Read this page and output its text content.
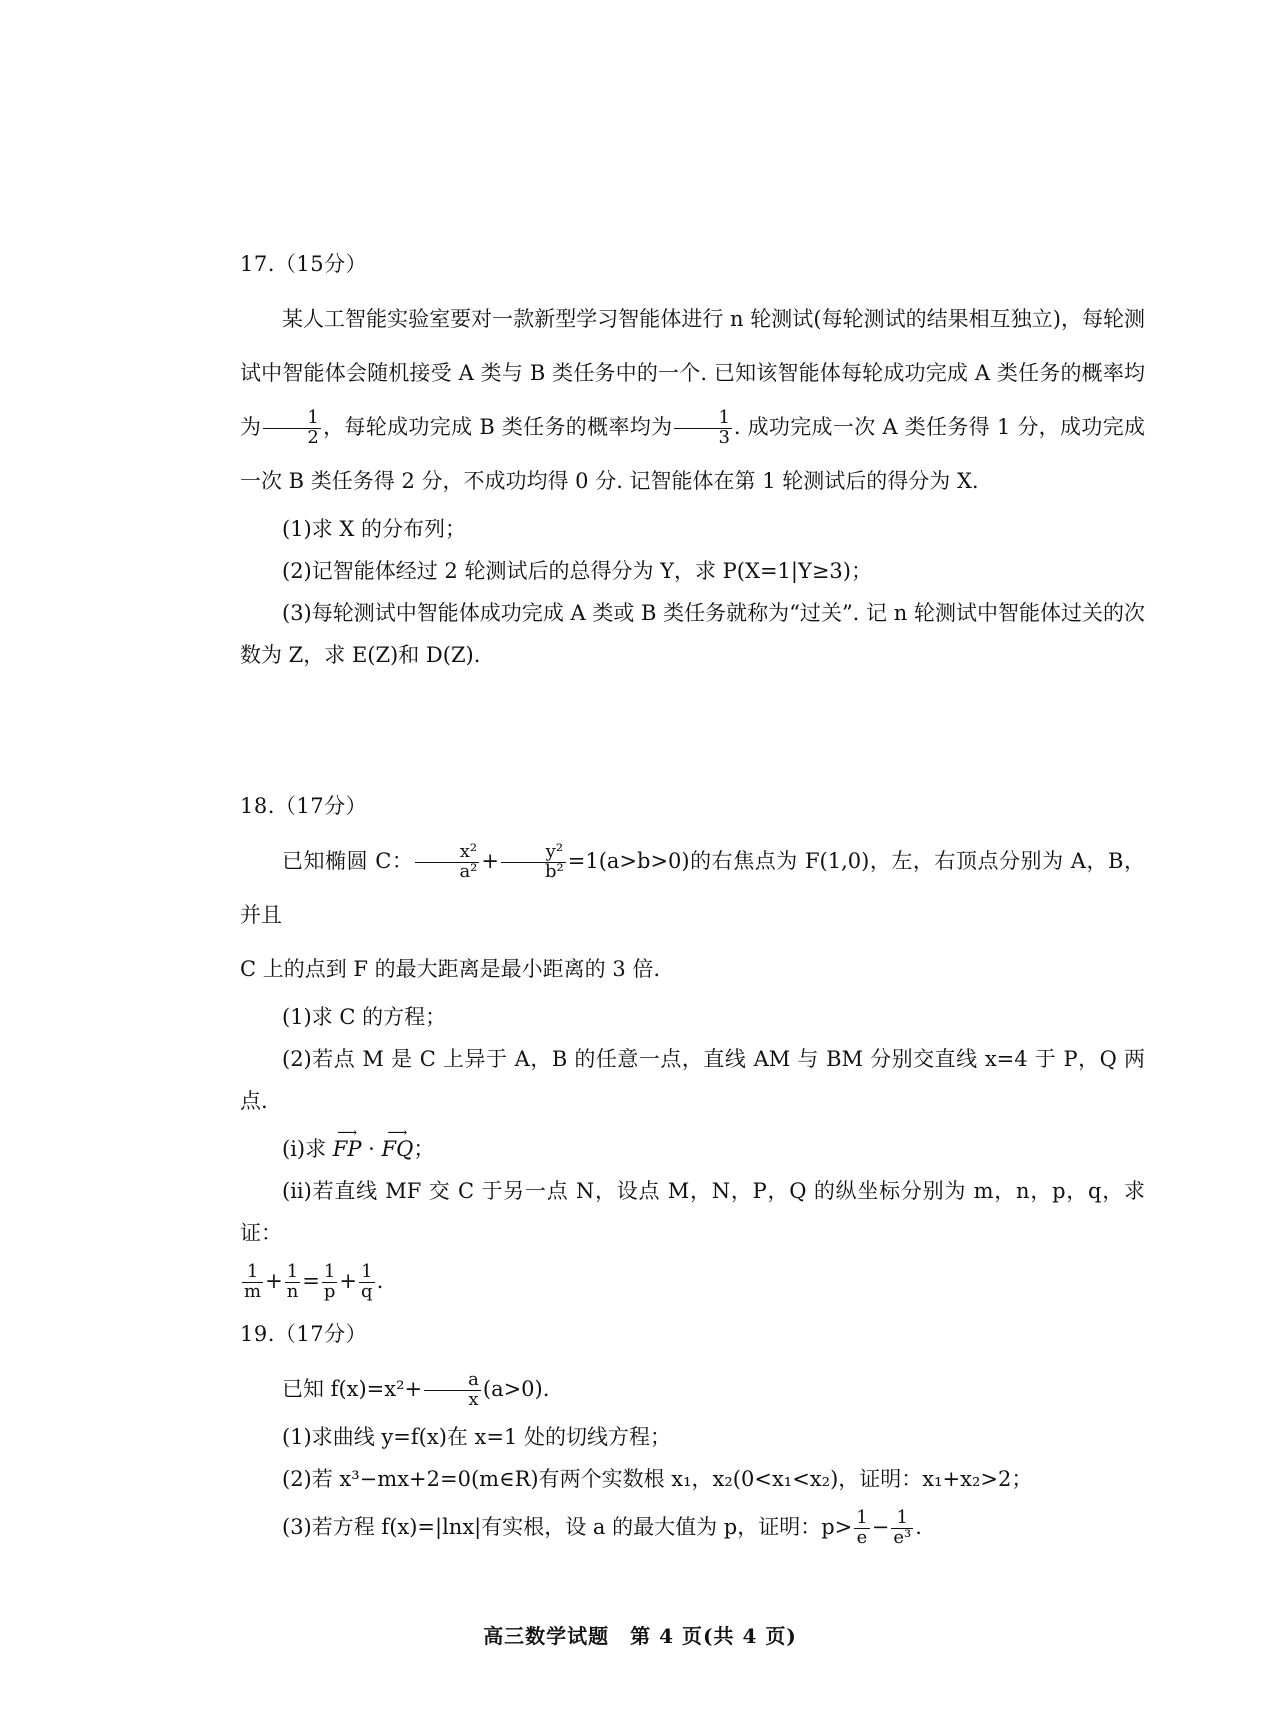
17.（15分）

某人工智能实验室要对一款新型学习智能体进行 n 轮测试(每轮测试的结果相互独立)，每轮测试中智能体会随机接受 A 类与 B 类任务中的一个. 已知该智能体每轮成功完成 A 类任务的概率均为 $\frac{1}{2}$ ，每轮成功完成 B 类任务的概率均为 $\frac{1}{3}$ . 成功完成一次 A 类任务得 1 分，成功完成一次 B 类任务得 2 分，不成功均得 0 分. 记智能体在第 1 轮测试后的得分为 X.

(1)求 X 的分布列；

(2)记智能体经过 2 轮测试后的总得分为 Y，求 P(X=1|Y≥3)；

(3)每轮测试中智能体成功完成 A 类或 B 类任务就称为“过关”. 记 n 轮测试中智能体过关的次数为 Z，求 E(Z)和 D(Z).

18.（17分）

已知椭圆 C： $\frac{\text{x²}}{\text{a²}} + \frac{\text{y²}}{\text{b²}} =1(a>b>0)$的右焦点为 F(1,0)，左，右顶点分别为 A，B，并且

C 上的点到 F 的最大距离是最小距离的 3 倍.

(1)求 C 的方程；

(2)若点 M 是 C 上异于 A，B 的任意一点，直线 AM 与 BM 分别交直线 x=4 于 P，Q 两点.

(i)求 ⟶ FP · ⟶ FQ；

(ii)若直线 MF 交 C 于另一点 N，设点 M，N，P，Q 的纵坐标分别为 m，n，p，q，求证：

$\frac{1}{m} + \frac{1}{n} = \frac{1}{p} + \frac{1}{q}$ .

19.（17分）

已知 $f(x)=x^2+ \frac{a}{x} (a>0)$.

(1)求曲线 y=f(x)在 x=1 处的切线方程；

(2)若 x³−mx+2=0(m∈R)有两个实数根 x₁，x₂(0<x₁<x₂)，证明：x₁+x₂>2；

(3)若方程 f(x)=|lnx|有实根，设 a 的最大值为 p，证明：$p> \frac{1}{e} - \frac{1}{\text{e³}}$ .

高三数学试题　第 4 页(共 4 页)
